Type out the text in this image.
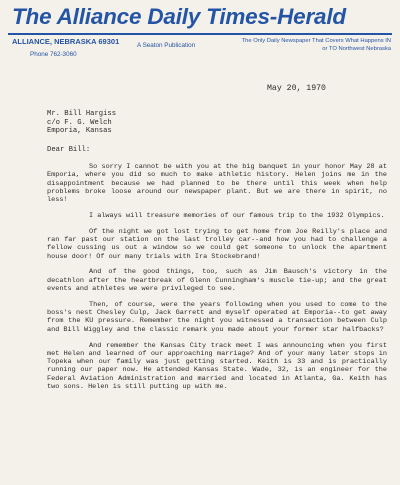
The Alliance Daily Times-Herald
ALLIANCE, NEBRASKA 69301
Phone 762-3060
A Seaton Publication
The Only Daily Newspaper That Covers What Happens IN or TO Northwest Nebraska
May 20, 1970
Mr. Bill Hargiss
c/o F. G. Welch
Emporia, Kansas
Dear Bill:

So sorry I cannot be with you at the big banquet in your honor May 28 at Emporia, where you did so much to make athletic history. Helen joins me in the disappointment because we had planned to be there until this week when help problems broke loose around our newspaper plant. But we are there in spirit, no less!

I always will treasure memories of our famous trip to the 1932 Olympics.

Of the night we got lost trying to get home from Joe Reilly's place and ran far past our station on the last trolley car--and how you had to challenge a fellow cussing us out a window so we could get someone to unlock the apartment house door! Of our many trials with Ira Stockebrand!

And of the good things, too, such as Jim Bausch's victory in the decathlon after the heartbreak of Glenn Cunningham's muscle tie-up; and the great events and athletes we were privileged to see.

Then, of course, were the years following when you used to come to the boss's nest Chesley Culp, Jack Garrett and myself operated at Emporia--to get away from the KU pressure. Remember the night you witnessed a transaction between Culp and Bill Wiggley and the classic remark you made about your former star halfbacks?

And remember the Kansas City track meet I was announcing when you first met Helen and learned of our approaching marriage? And of your many later stops in Topeka when our family was just getting started. Keith is 33 and is practically running our paper now. He attended Kansas State. Wade, 32, is an engineer for the Federal Aviation Administration and married and located in Atlanta, Ga. Keith has two sons. Helen is still putting up with me.
